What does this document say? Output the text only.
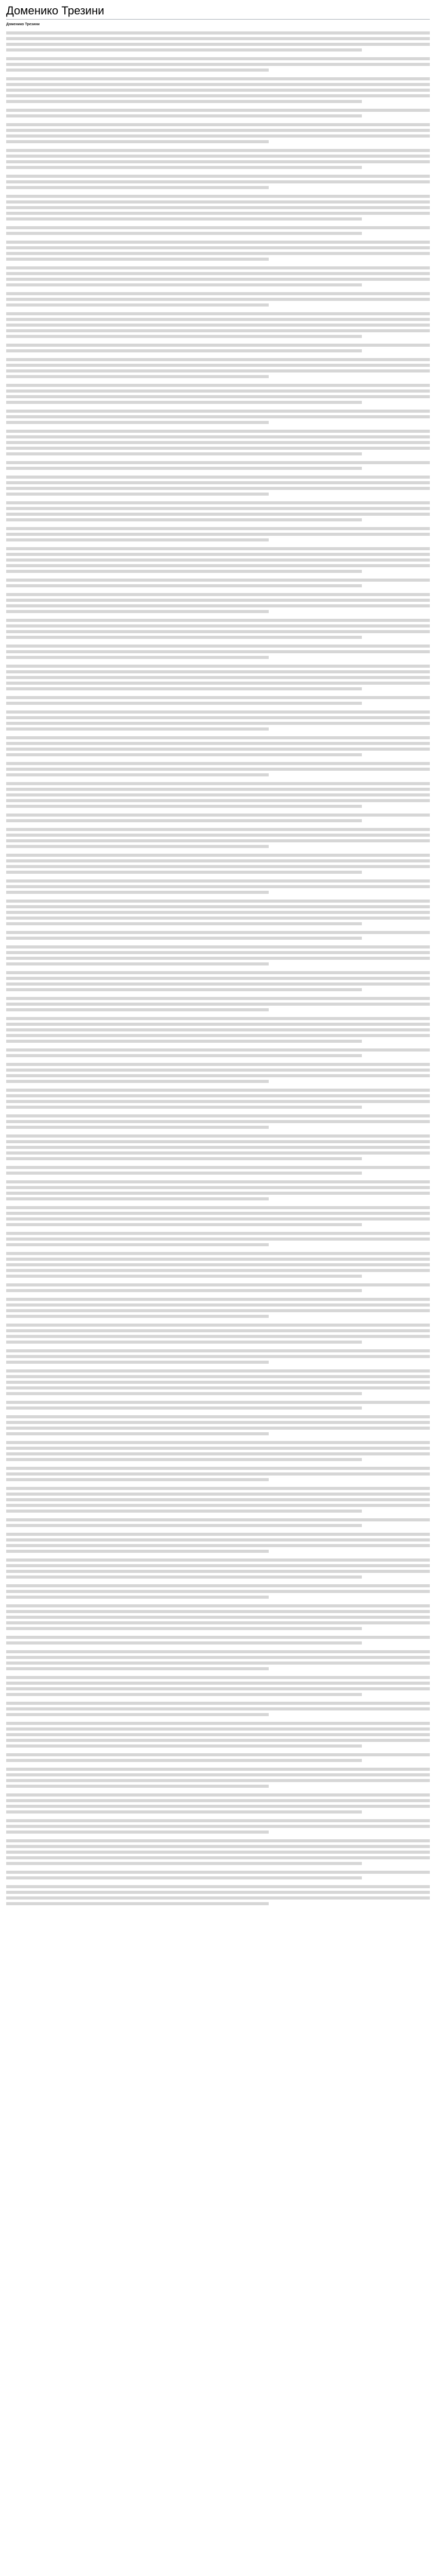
Доменико Трезини
Доменико Трезини
